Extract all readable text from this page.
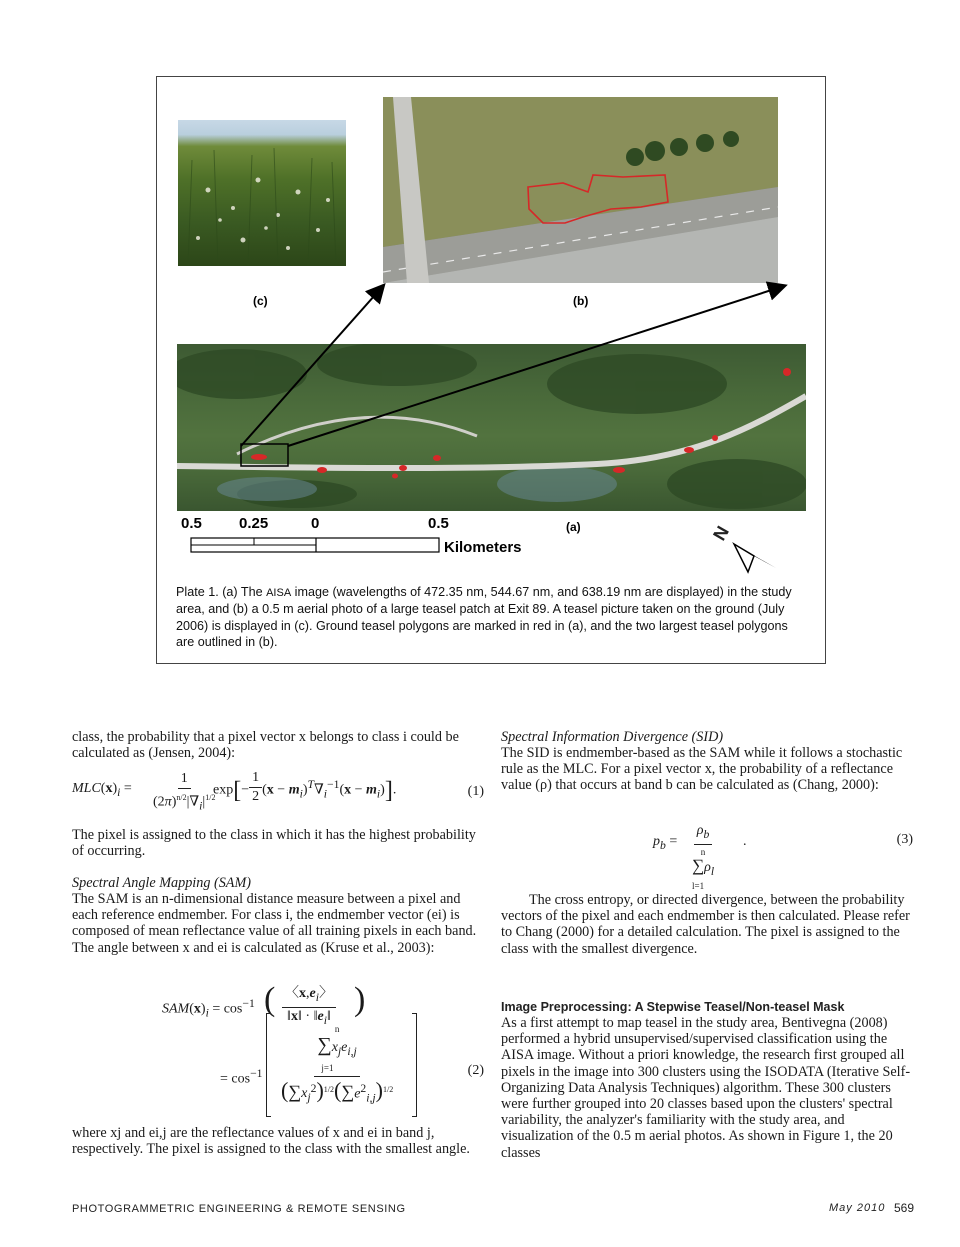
(c)	(b)
(a)
0.5 0.25	0	0.5
Kilometers
N
Plate 1. (a) The AISA image (wavelengths of 472.35 nm, 544.67 nm, and 638.19 nm are displayed) in the study area, and (b) a 0.5 m aerial photo of a large teasel patch at Exit 89. A teasel picture taken on the ground (July 2006) is displayed in (c). Ground teasel polygons are marked in red in (a), and the two largest teasel polygons are outlined in (b).
class, the probability that a pixel vector x belongs to class i could be calculated as (Jensen, 2004):
$MLC(x)_i = \frac{1}{(2\pi)^{n/2}|\nabla_i|^{1/2}}$
$\exp[- \frac{1}{2} (x - m_i)^T\nabla_i^{-1}(x - m_i)]$.	(1)
The pixel is assigned to the class in which it has the highest probability of occurring.
Spectral Angle Mapping (SAM)
The SAM is an n-dimensional distance measure between a pixel and each reference endmember. For class i, the endmember vector (ei) is composed of mean reflectance value of all training pixels in each band. The angle between x and ei is calculated as (Kruse et al., 2003):
$SAM(x)_i = \cos^{-1}$ ( $\frac{〈x,e_i〉}{‖x‖ \cdot ‖e_i‖}$ )
= $\cos^{-1}$
n
$\sum x_je_{i,j}$
j=1
$(\sum x_j^2)^{1/2}(\sum e^2_{i,j})^{1/2}$
(2)
where xj and ei,j are the reflectance values of x and ei in band j, respectively. The pixel is assigned to the class with the smallest angle.
Spectral Information Divergence (SID)
The SID is endmember-based as the SAM while it follows a stochastic rule as the MLC. For a pixel vector x, the probability of a reflectance value (ρ) that occurs at band b can be calculated as (Chang, 2000):
$p_b$ =
$\rho_b$
n
$\sum\rho_l$
l=1
.	(3)
The cross entropy, or directed divergence, between the probability vectors of the pixel and each endmember is then calculated. Please refer to Chang (2000) for a detailed calculation. The pixel is assigned to the class with the smallest divergence.
Image Preprocessing: A Stepwise Teasel/Non-teasel Mask
As a first attempt to map teasel in the study area, Bentivegna (2008) performed a hybrid unsupervised/supervised classification using the AISA image. Without a priori knowledge, the research first grouped all pixels in the image into 300 clusters using the ISODATA (Iterative Self-Organizing Data Analysis Techniques) algorithm. These 300 clusters were further grouped into 20 classes based upon the clusters' spectral variability, the analyzer's familiarity with the study area, and visualization of the 0.5 m aerial photos. As shown in Figure 1, the 20 classes
PHOTOGRAMMETRIC ENGINEERING & REMOTE SENSING	May 2010 569
